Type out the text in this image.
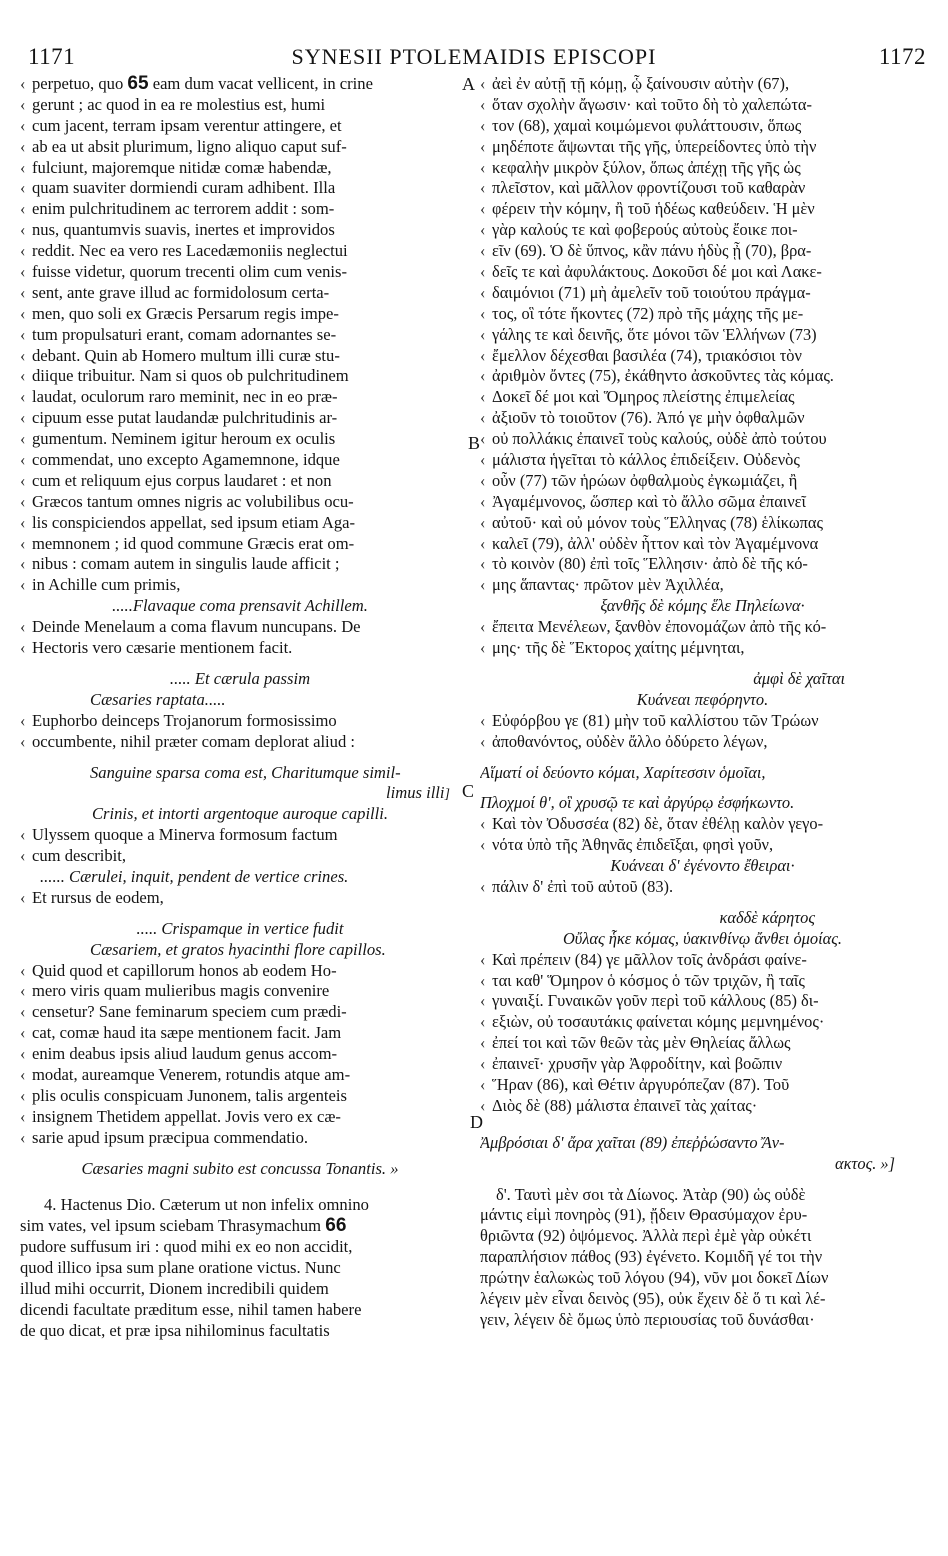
1171	SYNESII PTOLEMAIDIS EPISCOPI	1172
A
B
C
D
‹ perpetuo, quo 65 eam dum vacat vellicent, in crine
‹ gerunt ; ac quod in ea re molestius est, humi
‹ cum jacent, terram ipsam verentur attingere, et
‹ ab ea ut absit plurimum, ligno aliquo caput suf-
‹ fulciunt, majoremque nitidæ comæ habendæ,
‹ quam suaviter dormiendi curam adhibent. Illa
‹ enim pulchritudinem ac terrorem addit : som-
‹ nus, quantumvis suavis, inertes et improvidos
‹ reddit. Nec ea vero res Lacedæmoniis neglectui
‹ fuisse videtur, quorum trecenti olim cum venis-
‹ sent, ante grave illud ac formidolosum certa-
‹ men, quo soli ex Græcis Persarum regis impe-
‹ tum propulsaturi erant, comam adornantes se-
‹ debant. Quin ab Homero multum illi curæ stu-
‹ diique tribuitur. Nam si quos ob pulchritudinem
‹ laudat, oculorum raro meminit, nec in eo præ-
‹ cipuum esse putat laudandæ pulchritudinis ar-
‹ gumentum. Neminem igitur heroum ex oculis
‹ commendat, uno excepto Agamemnone, idque
‹ cum et reliquum ejus corpus laudaret : et non
‹ Græcos tantum omnes nigris ac volubilibus ocu-
‹ lis conspiciendos appellat, sed ipsum etiam Aga-
‹ memnonem ; id quod commune Græcis erat om-
‹ nibus : comam autem in singulis laude afficit ;
‹ in Achille cum primis,
.....Flavaque coma prensavit Achillem.
‹ Deinde Menelaum a coma flavum nuncupans. De
‹ Hectoris vero cæsarie mentionem facit.
..... Et cærula passim
Cæsaries raptata.....
‹ Euphorbo deinceps Trojanorum formosissimo
‹ occumbente, nihil præter comam deplorat aliud :
Sanguine sparsa coma est, Charitumque simil-
limus illi]
Crinis, et intorti argentoque auroque capilli.
‹ Ulyssem quoque a Minerva formosum factum
‹ cum describit,
...... Cærulei, inquit, pendent de vertice crines.
‹ Et rursus de eodem,
..... Crispamque in vertice fudit
Cæsariem, et gratos hyacinthi flore capillos.
‹ Quid quod et capillorum honos ab eodem Ho-
‹ mero viris quam mulieribus magis convenire
‹ censetur? Sane feminarum speciem cum prædi-
‹ cat, comæ haud ita sæpe mentionem facit. Jam
‹ enim deabus ipsis aliud laudum genus accom-
‹ modat, aureamque Venerem, rotundis atque am-
‹ plis oculis conspicuam Junonem, talis argenteis
‹ insignem Thetidem appellat. Jovis vero ex cæ-
‹ sarie apud ipsum præcipua commendatio.
Cæsaries magni subito est concussa Tonantis. »
4. Hactenus Dio. Cæterum ut non infelix omnino
sim vates, vel ipsum sciebam Thrasymachum 66
pudore suffusum iri : quod mihi ex eo non accidit,
quod illico ipsa sum plane oratione victus. Nunc
illud mihi occurrit, Dionem incredibili quidem
dicendi facultate præditum esse, nihil tamen habere
de quo dicat, et præ ipsa nihilominus facultatis
‹ ἀεὶ ἐν αὐτῇ τῇ κόμῃ, ᾧ ξαίνουσιν αὐτὴν (67),
‹ ὅταν σχολὴν ἄγωσιν· καὶ τοῦτο δὴ τὸ χαλεπώτα-
‹ τον (68), χαμαὶ κοιμώμενοι φυλάττουσιν, ὅπως
‹ μηδέποτε ἅψωνται τῆς γῆς, ὑπερείδοντες ὑπὸ τὴν
‹ κεφαλὴν μικρὸν ξύλον, ὅπως ἀπέχῃ τῆς γῆς ὡς
‹ πλεῖστον, καὶ μᾶλλον φροντίζουσι τοῦ καθαρὰν
‹ φέρειν τὴν κόμην, ἢ τοῦ ἡδέως καθεύδειν. Ἡ μὲν
‹ γὰρ καλούς τε καὶ φοβερούς αὐτοὺς ἔοικε ποι-
‹ εῖν (69). Ὁ δὲ ὕπνος, κἂν πάνυ ἡδὺς ᾖ (70), βρα-
‹ δεῖς τε καὶ ἀφυλάκτους. Δοκοῦσι δέ μοι καὶ Λακε-
‹ δαιμόνιοι (71) μὴ ἀμελεῖν τοῦ τοιούτου πράγμα-
‹ τος, οἳ τότε ἥκοντες (72) πρὸ τῆς μάχης τῆς με-
‹ γάλης τε καὶ δεινῆς, ὅτε μόνοι τῶν Ἑλλήνων (73)
‹ ἔμελλον δέχεσθαι βασιλέα (74), τριακόσιοι τὸν
‹ ἀριθμὸν ὄντες (75), ἐκάθηντο ἀσκοῦντες τὰς κόμας.
‹ Δοκεῖ δέ μοι καὶ Ὅμηρος πλείστης ἐπιμελείας
‹ ἀξιοῦν τὸ τοιοῦτον (76). Ἀπό γε μὴν ὀφθαλμῶν
‹ οὐ πολλάκις ἐπαινεῖ τοὺς καλούς, οὐδὲ ἀπὸ τούτου
‹ μάλιστα ἡγεῖται τὸ κάλλος ἐπιδείξειν. Οὐδενὸς
‹ οὖν (77) τῶν ἡρώων ὀφθαλμοὺς ἐγκωμιάζει, ἢ
‹ Ἀγαμέμνονος, ὥσπερ καὶ τὸ ἄλλο σῶμα ἐπαινεῖ
‹ αὐτοῦ· καὶ οὐ μόνον τοὺς Ἕλληνας (78) ἑλίκωπας
‹ καλεῖ (79), ἀλλ' οὐδὲν ἧττον καὶ τὸν Ἀγαμέμνονα
‹ τὸ κοινὸν (80) ἐπὶ τοῖς Ἕλλησιν· ἀπὸ δὲ τῆς κό-
‹ μης ἅπαντας· πρῶτον μὲν Ἀχιλλέα,
ξανθῆς δὲ κόμης ἕλε Πηλείωνα·
‹ ἔπειτα Μενέλεων, ξανθὸν ἐπονομάζων ἀπὸ τῆς κό-
‹ μης· τῆς δὲ Ἕκτορος χαίτης μέμνηται,
ἀμφὶ δὲ χαῖται
Κυάνεαι πεφόρηντο.
‹ Εὐφόρβου γε (81) μὴν τοῦ καλλίστου τῶν Τρώων
‹ ἀποθανόντος, οὐδὲν ἄλλο ὀδύρετο λέγων,
Αἵματί οἱ δεύοντο κόμαι, Χαρίτεσσιν ὁμοῖαι,
Πλοχμοί θ', οἳ χρυσῷ τε καὶ ἀργύρῳ ἐσφήκωντο.
‹ Καὶ τὸν Ὀδυσσέα (82) δὲ, ὅταν ἐθέλῃ καλὸν γεγο-
‹ νότα ὑπὸ τῆς Ἀθηνᾶς ἐπιδεῖξαι, φησὶ γοῦν,
Κυάνεαι δ' ἐγένοντο ἔθειραι·
‹ πάλιν δ' ἐπὶ τοῦ αὐτοῦ (83).
καδδὲ κάρητος
Οὔλας ἧκε κόμας, ὑακινθίνῳ ἄνθει ὁμοίας.
‹ Καὶ πρέπειν (84) γε μᾶλλον τοῖς ἀνδράσι φαίνε-
‹ ται καθ' Ὅμηρον ὁ κόσμος ὁ τῶν τριχῶν, ἢ ταῖς
‹ γυναιξί. Γυναικῶν γοῦν περὶ τοῦ κάλλους (85) δι-
‹ εξιὼν, οὐ τοσαυτάκις φαίνεται κόμης μεμνημένος·
‹ ἐπεί τοι καὶ τῶν θεῶν τὰς μὲν Θηλείας ἄλλως
‹ ἐπαινεῖ· χρυσῆν γὰρ Ἀφροδίτην, καὶ βοῶπιν
‹ Ἥραν (86), καὶ Θέτιν ἀργυρόπεζαν (87). Τοῦ
‹ Διὸς δὲ (88) μάλιστα ἐπαινεῖ τὰς χαίτας·
Ἀμβρόσιαι δ' ἄρα χαῖται (89) ἐπεῤῥώσαντο Ἄν-
ακτος. »]
δ'. Ταυτὶ μὲν σοι τὰ Δίωνος. Ἀτὰρ (90) ὡς οὐδὲ
μάντις εἰμὶ πονηρὸς (91), ᾔδειν Θρασύμαχον ἐρυ-
θριῶντα (92) ὀψόμενος. Ἀλλὰ περὶ ἐμὲ γὰρ οὐκέτι
παραπλήσιον πάθος (93) ἐγένετο. Κομιδῆ γέ τοι τὴν
πρώτην ἑαλωκὼς τοῦ λόγου (94), νῦν μοι δοκεῖ Δίων
λέγειν μὲν εἶναι δεινὸς (95), οὐκ ἔχειν δὲ ὅ τι καὶ λέ-
γειν, λέγειν δὲ ὅμως ὑπὸ περιουσίας τοῦ δυνάσθαι·
